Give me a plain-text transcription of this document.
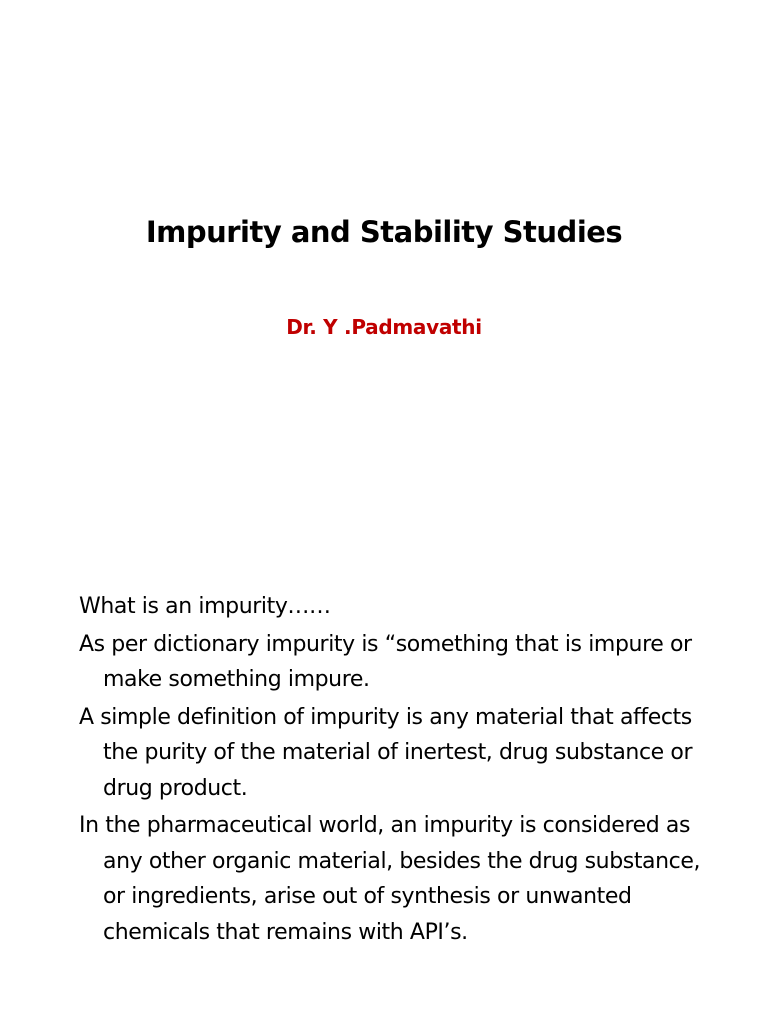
Impurity and Stability Studies
Dr. Y .Padmavathi

What is an impurity……

As per dictionary impurity is “something that is impure or make something impure.

A simple definition of impurity is any material that affects the purity of the material of inertest, drug substance or drug product.

In the pharmaceutical world, an impurity is considered as any other organic material, besides the drug substance, or ingredients, arise out of synthesis or unwanted chemicals that remains with API’s.
